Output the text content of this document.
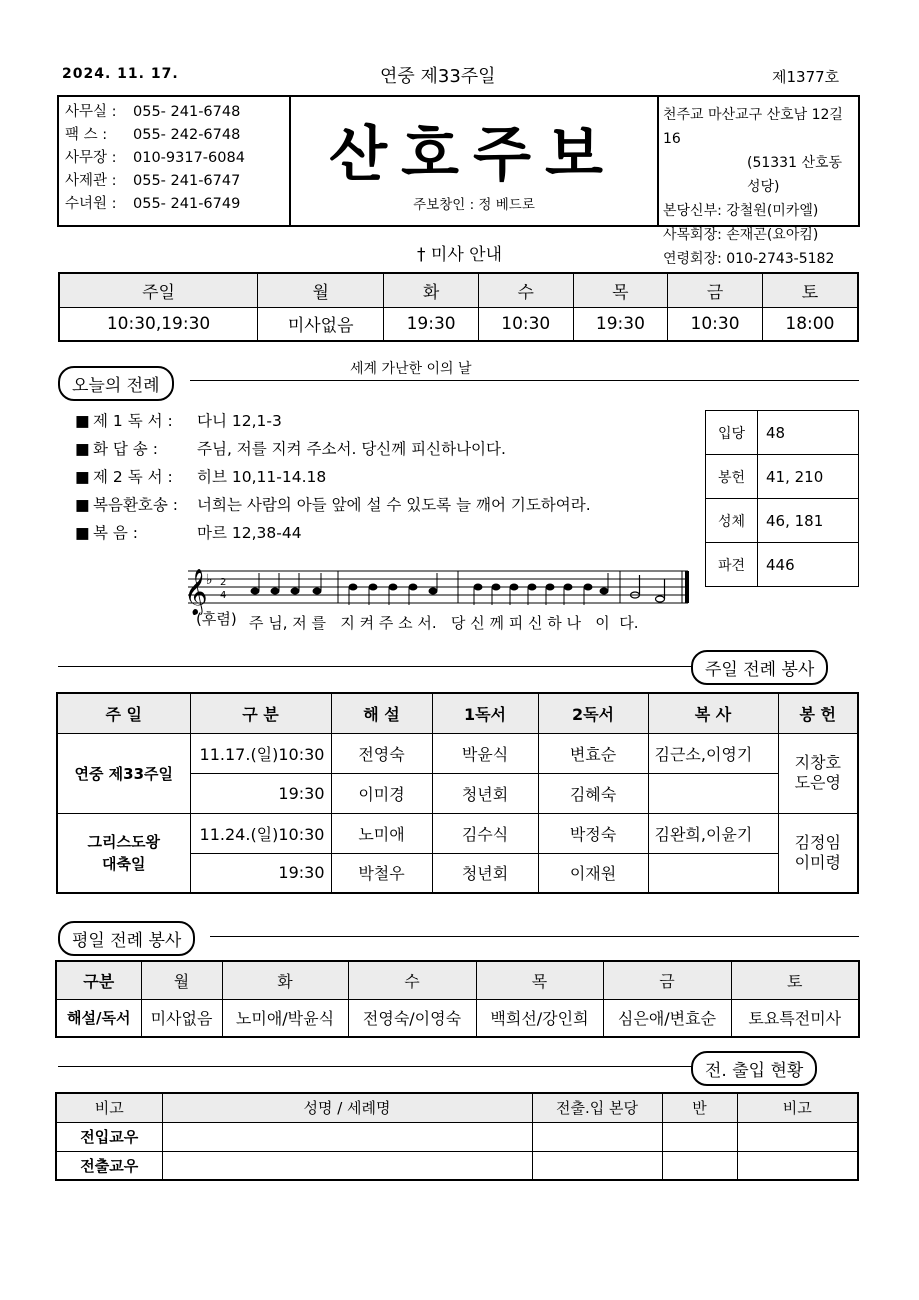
2024. 11. 17.	연중 제33주일	제1377호
사무실 :	055- 241-6748
팩 스 :	055- 242-6748
사무장 :	010-9317-6084
사제관 :	055- 241-6747
수녀원 :	055- 241-6749
산호주보
주보창인 : 정 베드로
천주교 마산교구 산호남 12길 16
(51331 산호동 성당)
본당신부: 강철원(미카엘)
사목회장: 손재곤(요아킴)
연령회장: 010-2743-5182
† 미사 안내
주일	월	화	수	목	금	토
10:30,19:30	미사없음	19:30	10:30	19:30	10:30	18:00
오늘의 전례
세계 가난한 이의 날
■ 제 1 독 서 :	다니 12,1-3
■ 화 답 송 :	주님, 저를 지켜 주소서. 당신께 피신하나이다.
■ 제 2 독 서 :	히브 10,11-14.18
■ 복음환호송 :	너희는 사람의 아들 앞에 설 수 있도록 늘 깨어 기도하여라.
■ 복 음 :	마르 12,38-44
𝄞
♭ 2
4
(후렴) 주 님, 저 를   지 켜 주 소 서.   당 신 께 피 신 하 나   이  다.
입당	48
봉헌	41, 210
성체	46, 181
파견	446
주일 전례 봉사
주 일	구 분	해 설	1독서	2독서	복 사	봉 헌
연중 제33주일	11.17.(일)10:30	전영숙	박윤식	변효순	김근소,이영기	지창호
도은영
	19:30	이미경	청년회	김혜숙		
그리스도왕
대축일	11.24.(일)10:30	노미애	김수식	박정숙	김완희,이윤기	김정임
이미령
	19:30	박철우	청년회	이재원		
평일 전례 봉사
구분	월	화	수	목	금	토
해설/독서	미사없음	노미애/박윤식	전영숙/이영숙	백희선/강인희	심은애/변효순	토요특전미사
전. 출입 현황
비고	성명 / 세례명	전출.입 본당	반	비고
전입교우				
전출교우				
